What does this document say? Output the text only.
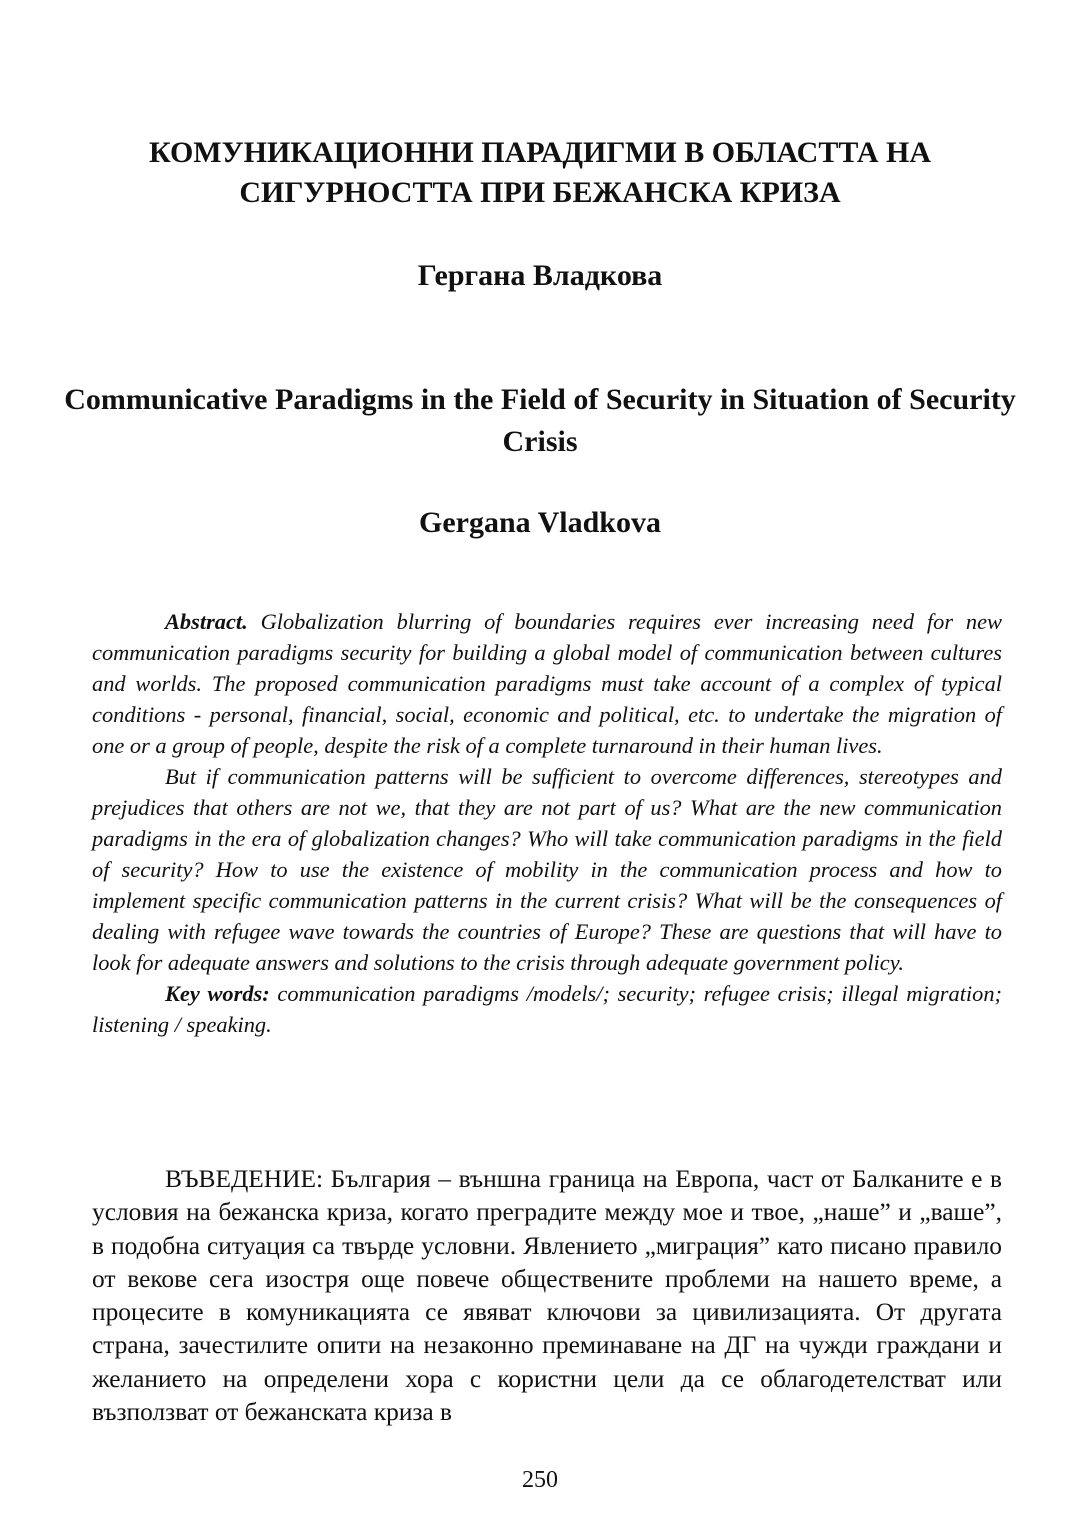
КОМУНИКАЦИОННИ ПАРАДИГМИ В ОБЛАСТТА НА СИГУРНОСТТА ПРИ БЕЖАНСКА КРИЗА
Гергана Владкова
Communicative Paradigms in the Field of Security in Situation of Security Crisis
Gergana Vladkova

Abstract. Globalization blurring of boundaries requires ever increasing need for new communication paradigms security for building a global model of communication between cultures and worlds. The proposed communication paradigms must take account of a complex of typical conditions - personal, financial, social, economic and political, etc. to undertake the migration of one or a group of people, despite the risk of a complete turnaround in their human lives.

But if communication patterns will be sufficient to overcome differences, stereotypes and prejudices that others are not we, that they are not part of us? What are the new communication paradigms in the era of globalization changes? Who will take communication paradigms in the field of security? How to use the existence of mobility in the communication process and how to implement specific communication patterns in the current crisis? What will be the consequences of dealing with refugee wave towards the countries of Europe? These are questions that will have to look for adequate answers and solutions to the crisis through adequate government policy.

Key words: communication paradigms /models/; security; refugee crisis; illegal migration; listening / speaking.

ВЪВЕДЕНИЕ: България – външна граница на Европа, част от Балканите е в условия на бежанска криза, когато преградите между мое и твое, „наше” и „ваше”, в подобна ситуация са твърде условни. Явлението „миграция” като писано правило от векове сега изостря още повече обществените проблеми на нашето време, а процесите в комуникацията се явяват ключови за цивилизацията. От другата страна, зачестилите опити на незаконно преминаване на ДГ на чужди граждани и желанието на определени хора с користни цели да се облагодетелстват или възползват от бежанската криза в

250
